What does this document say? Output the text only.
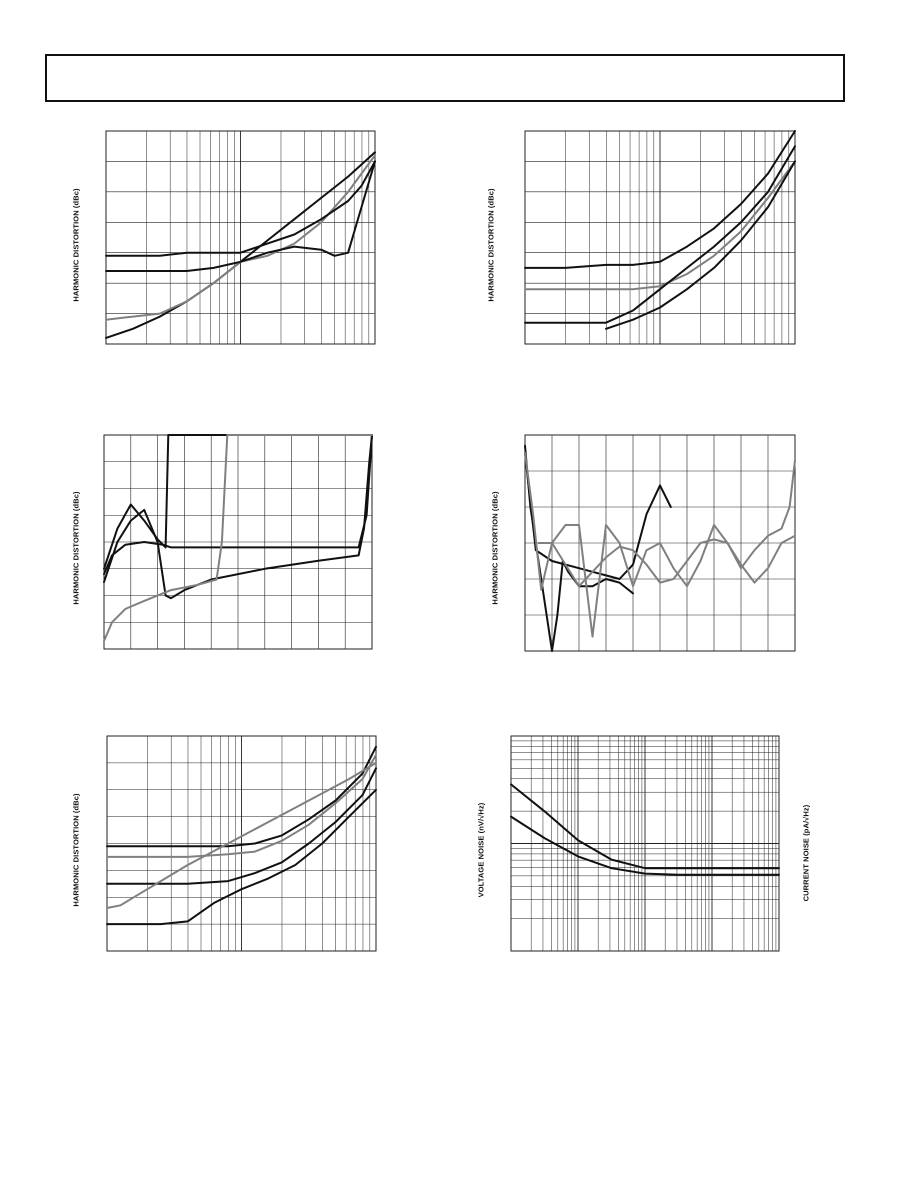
HARMONIC DISTORTION (dBc)	HARMONIC DISTORTION (dBc)
HARMONIC DISTORTION (dBc)	HARMONIC DISTORTION (dBc)
HARMONIC DISTORTION (dBc)	VOLTAGE NOISE (nV/√Hz)	CURRENT NOISE (pA/√Hz)
